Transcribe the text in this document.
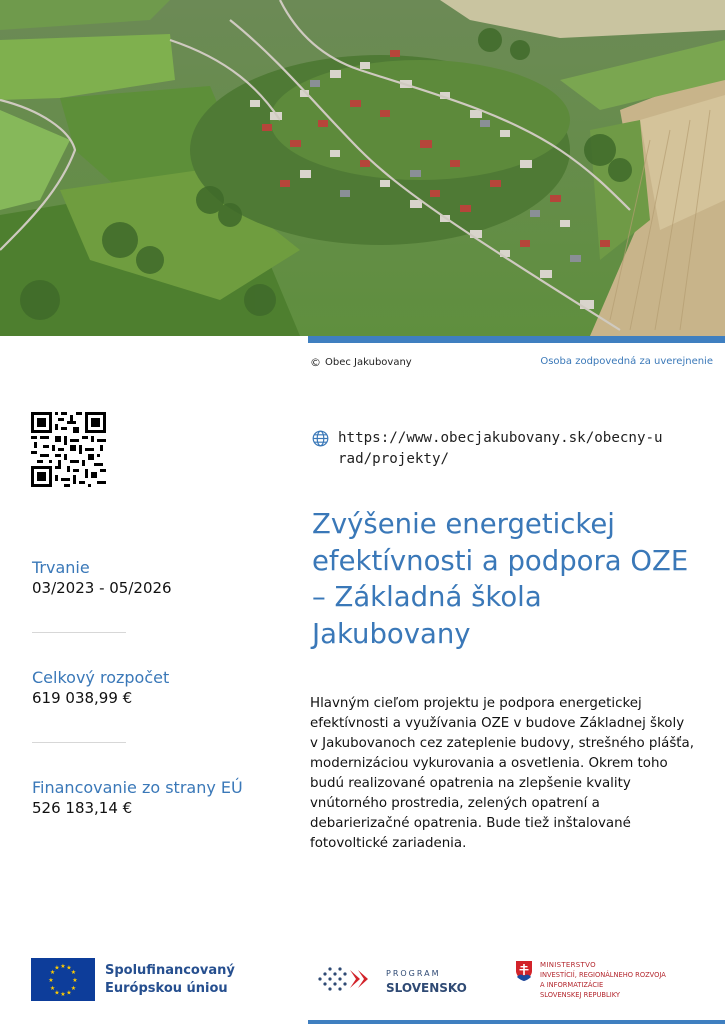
© Obec Jakubovany	Osoba zodpovedná za uverejnenie
Trvanie
03/2023 - 05/2026
Celkový rozpočet
619 038,99 €
Financovanie zo strany EÚ
526 183,14 €
https://www.obecjakubovany.sk/obecny-urad/projekty/
Zvýšenie energetickej efektívnosti a podpora OZE – Základná škola Jakubovany
Hlavným cieľom projektu je podpora energetickej efektívnosti a využívania OZE v budove Základnej školy v Jakubovanoch cez zateplenie budovy, strešného plášťa, modernizáciou vykurovania a osvetlenia. Okrem toho budú realizované opatrenia na zlepšenie kvality vnútorného prostredia, zelených opatrení a debarierizačné opatrenia. Bude tiež inštalované fotovoltické zariadenia.
★ ★
★
★
★
★
★
★
★
★
★
★	Spolufinancovaný
Európskou úniou
PROGRAM
SLOVENSKO
MINISTERSTVO
INVESTÍCIÍ, REGIONÁLNEHO ROZVOJA
A INFORMATIZÁCIE
SLOVENSKEJ REPUBLIKY
